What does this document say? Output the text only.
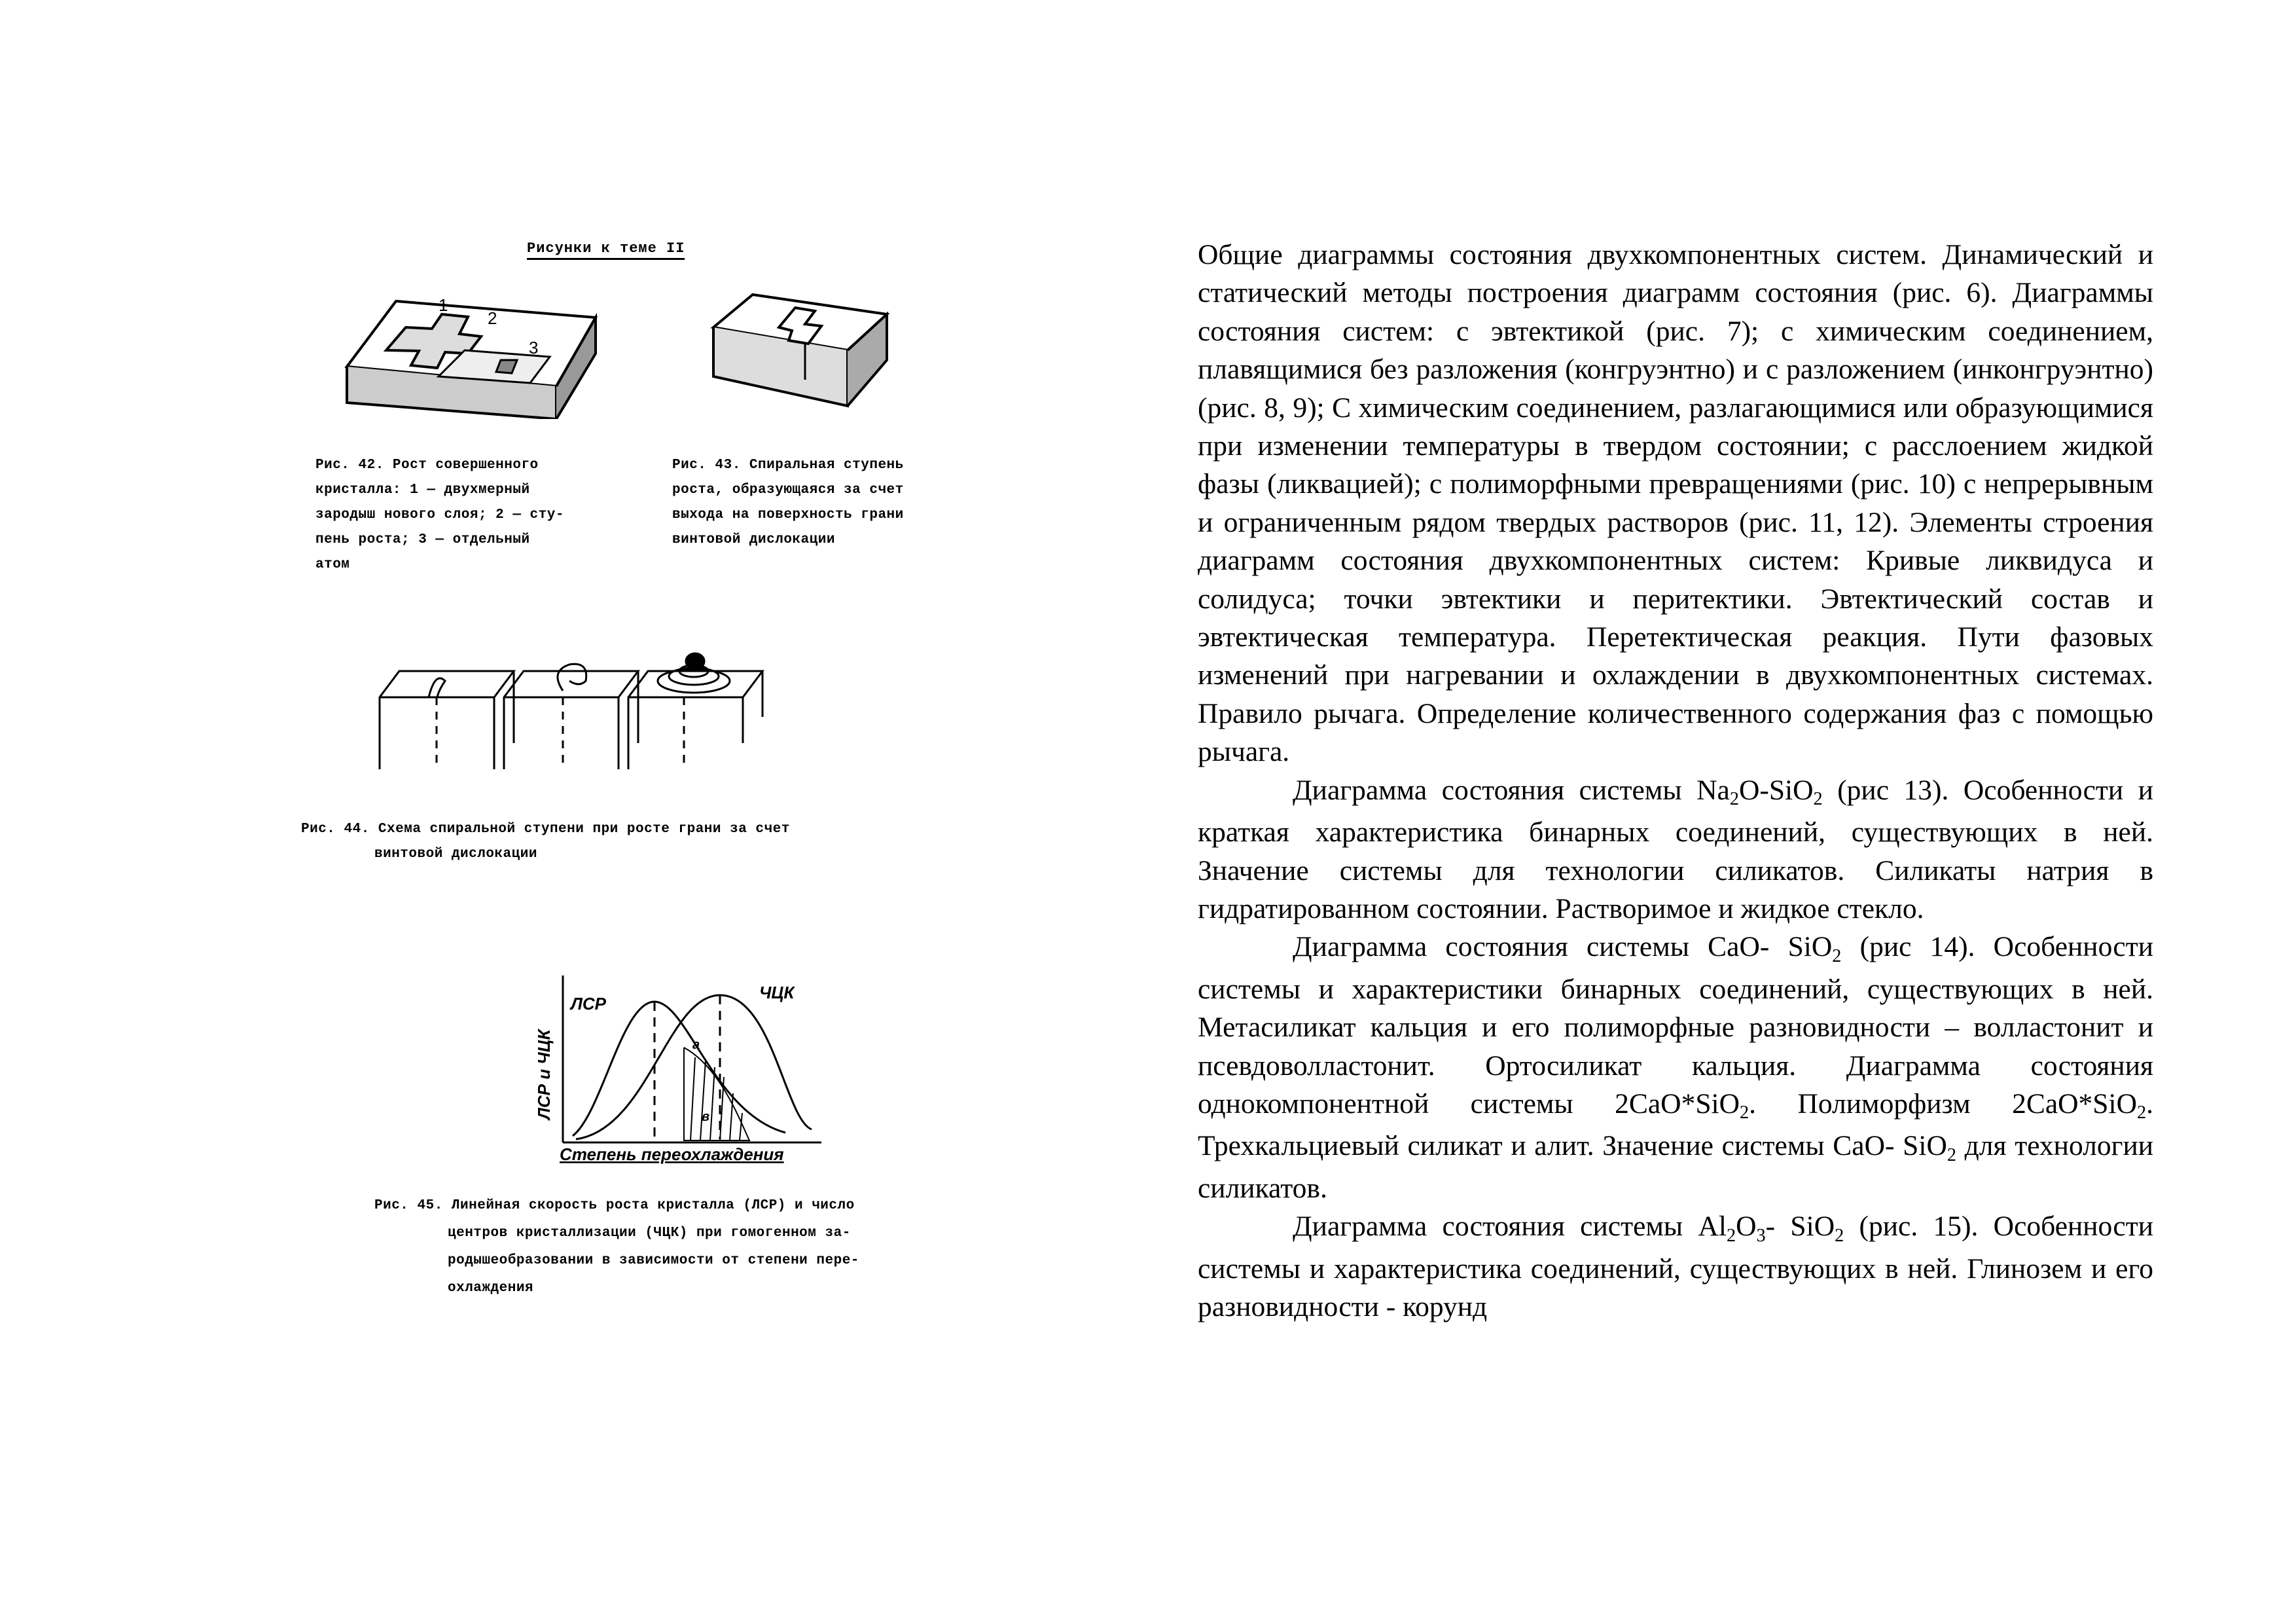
Рисунки к теме II
1
2
3

Рис. 42. Рост совершенного

кристалла: 1 — двухмерный

зародыш нового слоя; 2 — сту-

пень роста; 3 — отдельный

атом

Рис. 43. Спиральная ступень

роста, образующаяся за счет

выхода на поверхность грани

винтовой дислокации

Рис. 44. Схема спиральной ступени при росте грани за счет

винтовой дислокации

ЛСР
ЧЦК
а
в
ЛСР и ЧЦК
Степень переохлаждения

Рис. 45. Линейная скорость роста кристалла (ЛСР) и число

центров кристаллизации (ЧЦК) при гомогенном за-

родышеобразовании в зависимости от степени пере-

охлаждения

Общие диаграммы состояния двухкомпонентных систем. Динамический и статический методы построения диаграмм состояния (рис. 6). Диаграммы состояния систем: с эвтектикой (рис. 7); с химическим соединением, плавящимися без разложения (конгруэнтно) и с разложением (инконгруэнтно) (рис. 8, 9); С химическим соединением, разлагающимися или образующимися при изменении температуры в твердом состоянии; с расслоением жидкой фазы (ликвацией); с полиморфными превращениями (рис. 10) с непрерывным и ограниченным рядом твердых растворов (рис. 11, 12). Элементы строения диаграмм состояния двухкомпонентных систем: Кривые ликвидуса и солидуса; точки эвтектики и перитектики. Эвтектический состав и эвтектическая температура. Перетектическая реакция. Пути фазовых изменений при нагревании и охлаждении в двухкомпонентных системах. Правило рычага. Определение количественного содержания фаз с помощью рычага.

Диаграмма состояния системы $Na_2O-SiO_2$ (рис 13). Особенности и краткая характеристика бинарных соединений, существующих в ней. Значение системы для технологии силикатов. Силикаты натрия в гидратированном состоянии. Растворимое и жидкое стекло.

Диаграмма состояния системы CaO- SiO$_2$ (рис 14). Особенности системы и характеристики бинарных соединений, существующих в ней. Метасиликат кальция и его полиморфные разновидности – волластонит и псевдоволластонит. Ортосиликат кальция. Диаграмма состояния однокомпонентной системы 2CaO*SiO$_2$. Полиморфизм 2CaO*SiO$_2$. Трехкальциевый силикат и алит. Значение системы CaO- SiO$_2$ для технологии силикатов.

Диаграмма состояния системы $Al_2O_3-$ SiO$_2$ (рис. 15). Особенности системы и характеристика соединений, существующих в ней. Глинозем и его разновидности - корунд
